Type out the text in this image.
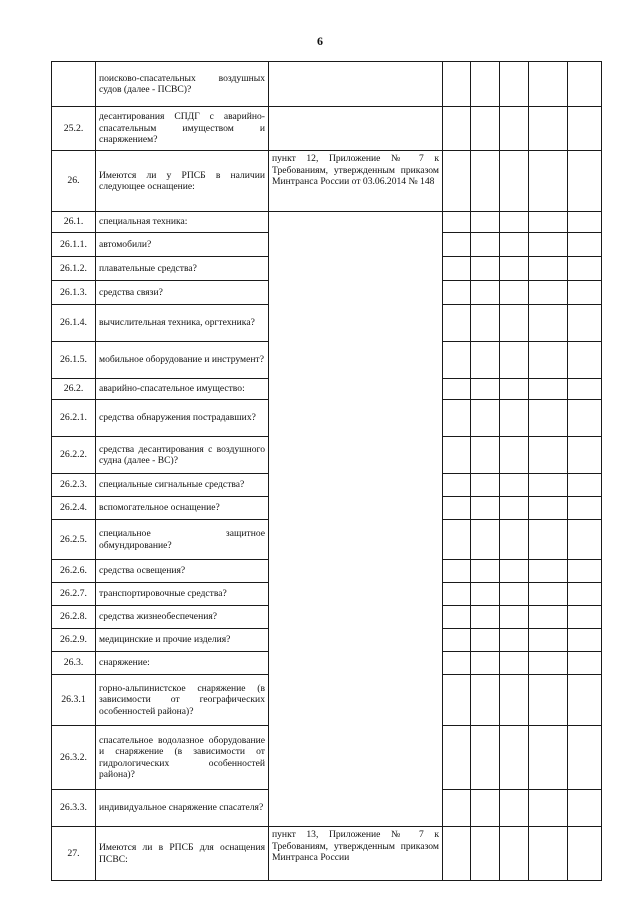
6
	поисково-спасательных воздушных судов (далее - ПСВС)?						
25.2.	десантирования СПДГ с аварийно-спасательным имуществом и снаряжением?						
26.	Имеются ли у РПСБ в наличии следующее оснащение:	пункт 12, Приложение № 7 к Требованиям, утвержденным приказом Минтранса России от 03.06.2014 № 148					

26.1.	специальная техника:						
26.1.1.	автомобили?						
26.1.2.	плавательные средства?						
26.1.3.	средства связи?						
26.1.4.	вычислительная техника, оргтехника?						
26.1.5.	мобильное оборудование и инструмент?						
26.2.	аварийно-спасательное имущество:						
26.2.1.	средства обнаружения пострадавших?						
26.2.2.	средства десантирования с воздушного судна (далее - ВС)?						
26.2.3.	специальные сигнальные средства?						
26.2.4.	вспомогательное оснащение?						
26.2.5.	специальное защитное обмундирование?						
26.2.6.	средства освещения?						
26.2.7.	транспортировочные средства?						
26.2.8.	средства жизнеобеспечения?						
26.2.9.	медицинские и прочие изделия?						
26.3.	снаряжение:						
26.3.1	горно-альпинистское снаряжение (в зависимости от географических особенностей района)?						
26.3.2.	спасательное водолазное оборудование и снаряжение (в зависимости от гидрологических особенностей района)?						
26.3.3.	индивидуальное снаряжение спасателя?						
27.	Имеются ли в РПСБ для оснащения ПСВС:	пункт 13, Приложение № 7 к Требованиям, утвержденным приказом Минтранса России					
